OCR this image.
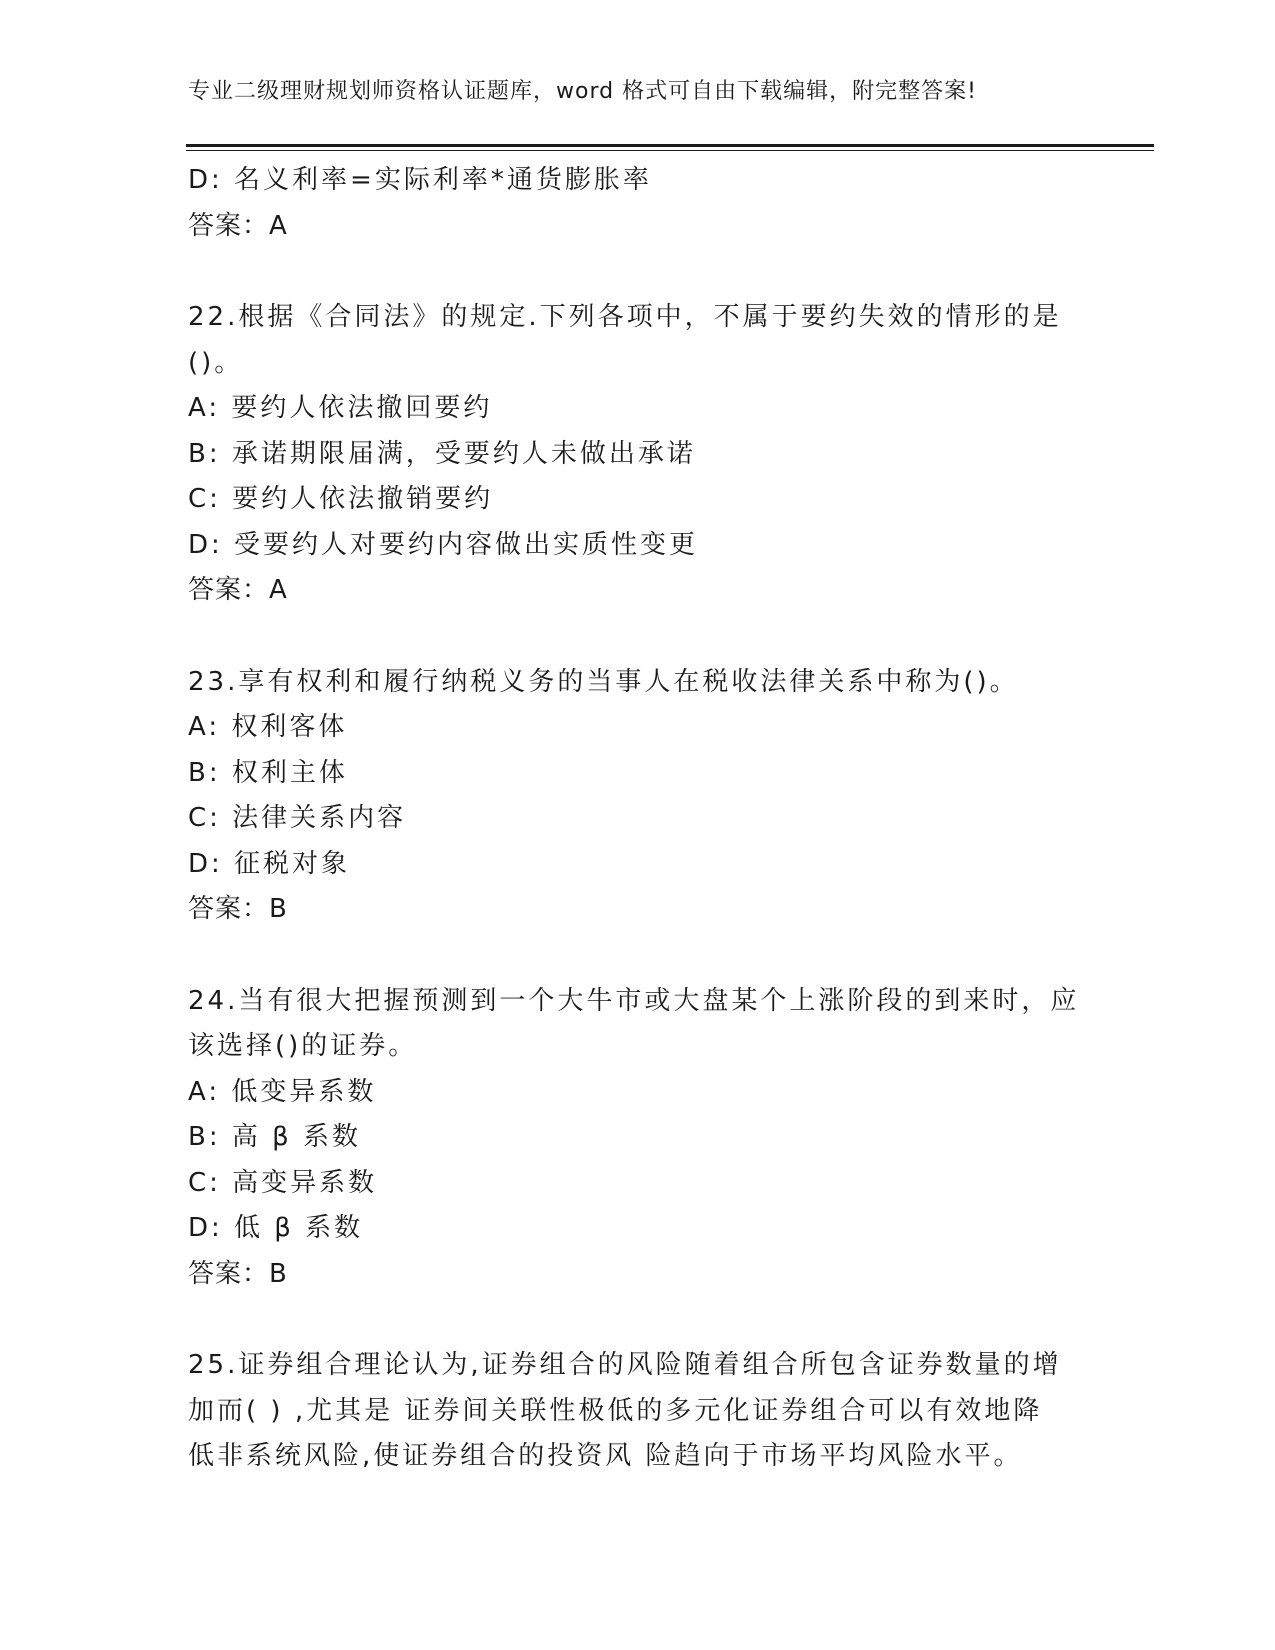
专业二级理财规划师资格认证题库，word 格式可自由下载编辑，附完整答案!
D: 名义利率=实际利率*通货膨胀率
答案：A
22.根据《合同法》的规定.下列各项中，不属于要约失效的情形的是
()。
A: 要约人依法撤回要约
B: 承诺期限届满，受要约人未做出承诺
C: 要约人依法撤销要约
D: 受要约人对要约内容做出实质性变更
答案：A
23.享有权利和履行纳税义务的当事人在税收法律关系中称为()。
A: 权利客体
B: 权利主体
C: 法律关系内容
D: 征税对象
答案：B
24.当有很大把握预测到一个大牛市或大盘某个上涨阶段的到来时，应
该选择()的证券。
A: 低变异系数
B: 高 β 系数
C: 高变异系数
D: 低 β 系数
答案：B
25.证券组合理论认为,证券组合的风险随着组合所包含证券数量的增
加而( ) ,尤其是 证券间关联性极低的多元化证券组合可以有效地降
低非系统风险,使证券组合的投资风 险趋向于市场平均风险水平。
